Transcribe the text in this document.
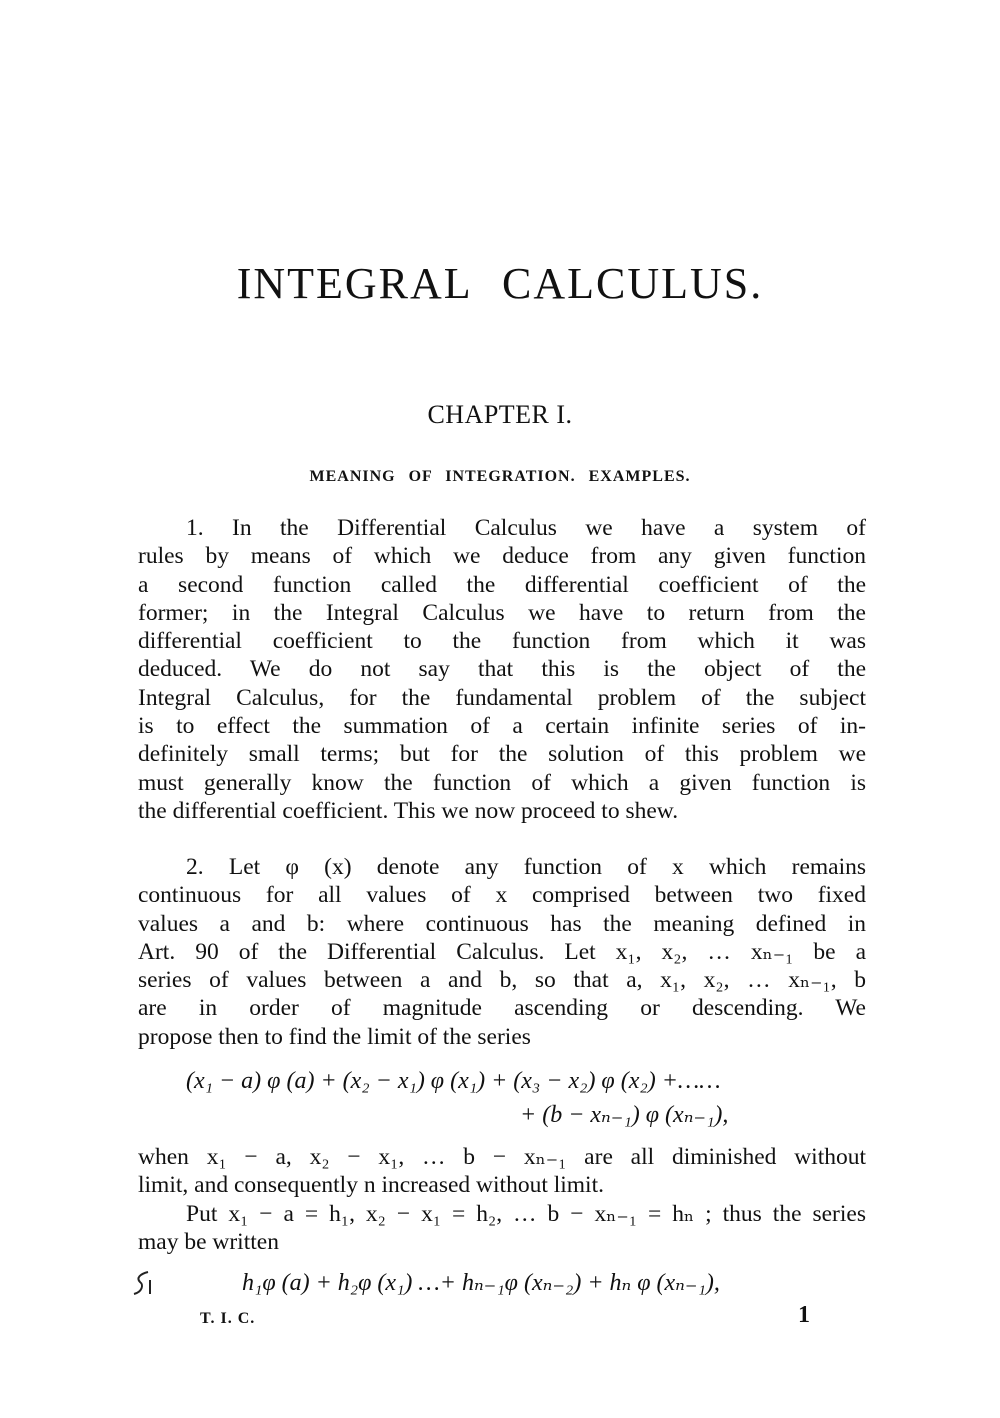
INTEGRAL CALCULUS.
CHAPTER I.
MEANING OF INTEGRATION. EXAMPLES.
1. In the Differential Calculus we have a system of
rules by means of which we deduce from any given function
a second function called the differential coefficient of the
former; in the Integral Calculus we have to return from the
differential coefficient to the function from which it was
deduced. We do not say that this is the object of the
Integral Calculus, for the fundamental problem of the subject
is to effect the summation of a certain infinite series of in-
definitely small terms; but for the solution of this problem we
must generally know the function of which a given function is
the differential coefficient. This we now proceed to shew.
2. Let φ (x) denote any function of x which remains
continuous for all values of x comprised between two fixed
values a and b: where continuous has the meaning defined in
Art. 90 of the Differential Calculus. Let x₁, x₂, … xₙ₋₁ be a
series of values between a and b, so that a, x₁, x₂, … xₙ₋₁, b
are in order of magnitude ascending or descending. We
propose then to find the limit of the series
(x₁ − a) φ (a) + (x₂ − x₁) φ (x₁) + (x₃ − x₂) φ (x₂) +……
+ (b − xₙ₋₁) φ (xₙ₋₁),
when x₁ − a, x₂ − x₁, … b − xₙ₋₁ are all diminished without
limit, and consequently n increased without limit.
Put x₁ − a = h₁, x₂ − x₁ = h₂, … b − xₙ₋₁ = hₙ ; thus the series
may be written
h₁φ (a) + h₂φ (x₁) …+ hₙ₋₁φ (xₙ₋₂) + hₙ φ (xₙ₋₁),
T. I. C.	1
